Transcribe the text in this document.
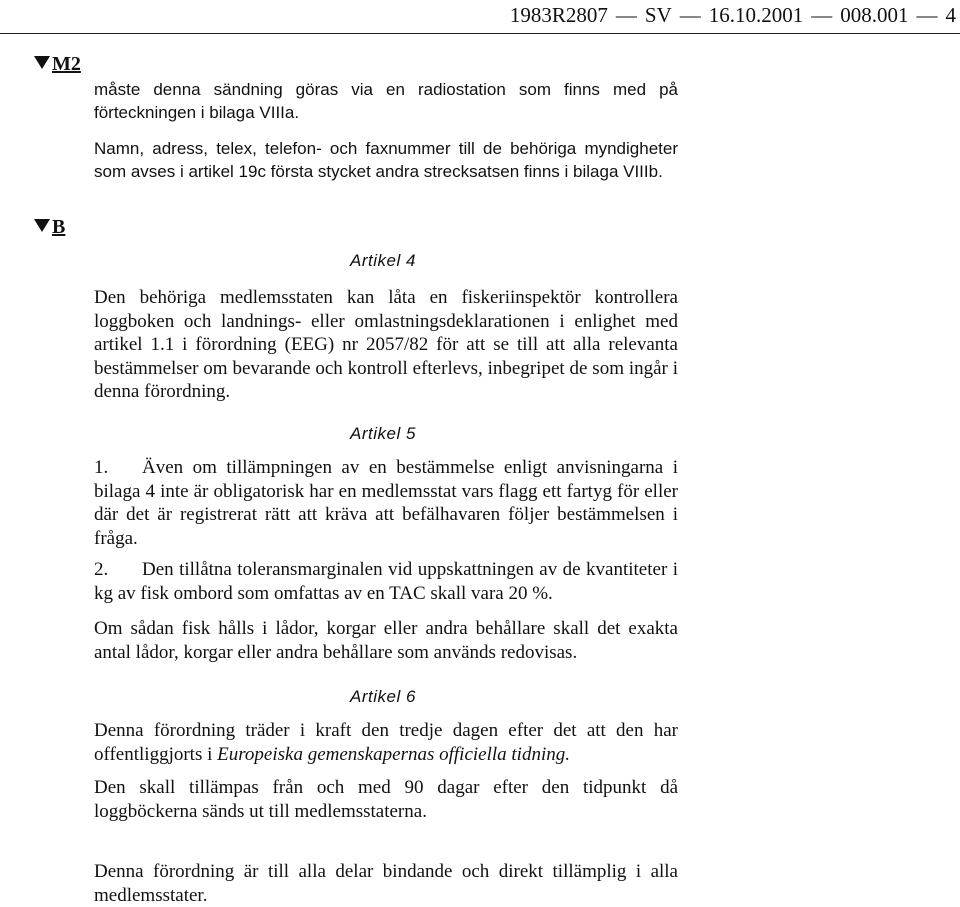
1983R2807 — SV — 16.10.2001 — 008.001 — 4
M2

måste denna sändning göras via en radiostation som finns med på förteckningen i bilaga VIIIa.

Namn, adress, telex, telefon- och faxnummer till de behöriga myndigheter som avses i artikel 19c första stycket andra strecksatsen finns i bilaga VIIIb.

B
Artikel 4

Den behöriga medlemsstaten kan låta en fiskeriinspektör kontrollera loggboken och landnings- eller omlastningsdeklarationen i enlighet med artikel 1.1 i förordning (EEG) nr 2057/82 för att se till att alla relevanta bestämmelser om bevarande och kontroll efterlevs, inbegripet de som ingår i denna förordning.

Artikel 5

1. Även om tillämpningen av en bestämmelse enligt anvisningarna i bilaga 4 inte är obligatorisk har en medlemsstat vars flagg ett fartyg för eller där det är registrerat rätt att kräva att befälhavaren följer bestämmelsen i fråga.

2. Den tillåtna toleransmarginalen vid uppskattningen av de kvantiteter i kg av fisk ombord som omfattas av en TAC skall vara 20 %.

Om sådan fisk hålls i lådor, korgar eller andra behållare skall det exakta antal lådor, korgar eller andra behållare som används redovisas.

Artikel 6

Denna förordning träder i kraft den tredje dagen efter det att den har offentliggjorts i Europeiska gemenskapernas officiella tidning.

Den skall tillämpas från och med 90 dagar efter den tidpunkt då loggböckerna sänds ut till medlemsstaterna.

Denna förordning är till alla delar bindande och direkt tillämplig i alla medlemsstater.
